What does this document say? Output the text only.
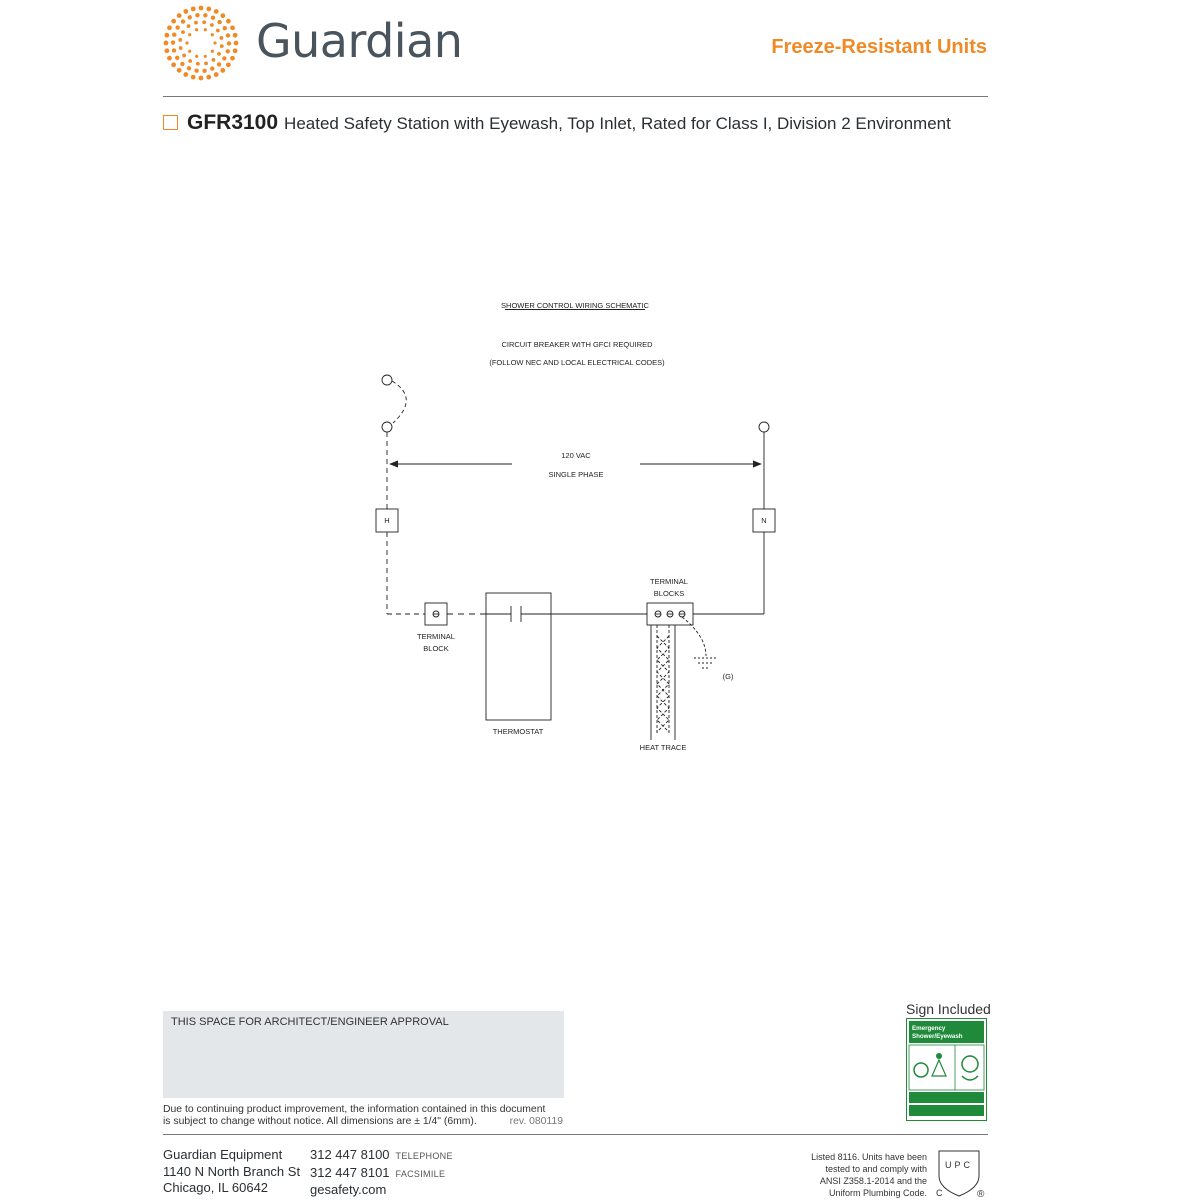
Guardian	Freeze-Resistant Units
GFR3100 Heated Safety Station with Eyewash, Top Inlet, Rated for Class I, Division 2 Environment
SHOWER CONTROL WIRING SCHEMATIC
CIRCUIT BREAKER WITH GFCI REQUIRED
(FOLLOW NEC AND LOCAL ELECTRICAL CODES)
120 VAC
SINGLE PHASE
H	N
TERMINAL
BLOCK
TERMINAL
BLOCKS
(G)
THERMOSTAT
HEAT TRACE
THIS SPACE FOR ARCHITECT/ENGINEER APPROVAL
Due to continuing product improvement, the information contained in this document
is subject to change without notice. All dimensions are ± 1/4" (6mm).	rev. 080119
Sign Included
Emergency
Shower/Eyewash
Guardian Equipment
1140 N North Branch St
Chicago, IL 60642
312 447 8100 TELEPHONE
312 447 8101 FACSIMILE
gesafety.com
Listed 8116. Units have been
tested to and comply with
ANSI Z358.1-2014 and the
Uniform Plumbing Code.
UPC
C	®
